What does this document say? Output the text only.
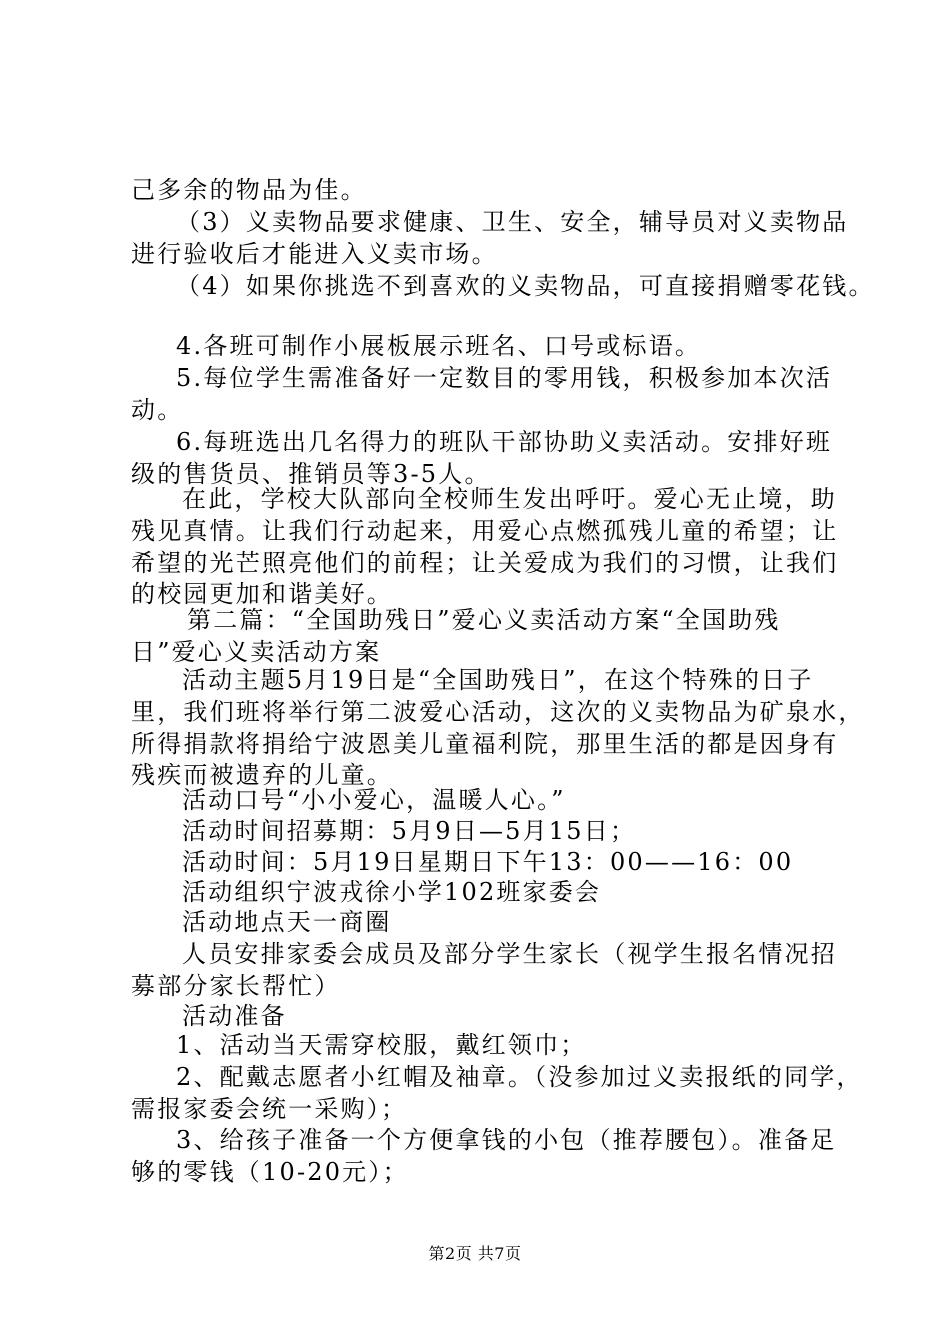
己多余的物品为佳。
（3）义卖物品要求健康、卫生、安全，辅导员对义卖物品
进行验收后才能进入义卖市场。
（4）如果你挑选不到喜欢的义卖物品，可直接捐赠零花钱。
4.各班可制作小展板展示班名、口号或标语。
5.每位学生需准备好一定数目的零用钱，积极参加本次活
动。
6.每班选出几名得力的班队干部协助义卖活动。安排好班
级的售货员、推销员等3-5人。
在此，学校大队部向全校师生发出呼吁。爱心无止境，助
残见真情。让我们行动起来，用爱心点燃孤残儿童的希望；让
希望的光芒照亮他们的前程；让关爱成为我们的习惯，让我们
的校园更加和谐美好。
第二篇：“全国助残日”爱心义卖活动方案“全国助残
日”爱心义卖活动方案
活动主题5月19日是“全国助残日”，在这个特殊的日子
里，我们班将举行第二波爱心活动，这次的义卖物品为矿泉水，
所得捐款将捐给宁波恩美儿童福利院，那里生活的都是因身有
残疾而被遗弃的儿童。
活动口号“小小爱心，温暖人心。”
活动时间招募期：5月9日—5月15日；
活动时间：5月19日星期日下午13：00——16：00
活动组织宁波戎徐小学102班家委会
活动地点天一商圈
人员安排家委会成员及部分学生家长（视学生报名情况招
募部分家长帮忙）
活动准备
1、活动当天需穿校服，戴红领巾；
2、配戴志愿者小红帽及袖章。（没参加过义卖报纸的同学，
需报家委会统一采购）；
3、给孩子准备一个方便拿钱的小包（推荐腰包）。准备足
够的零钱（10-20元）；
第2页 共7页
